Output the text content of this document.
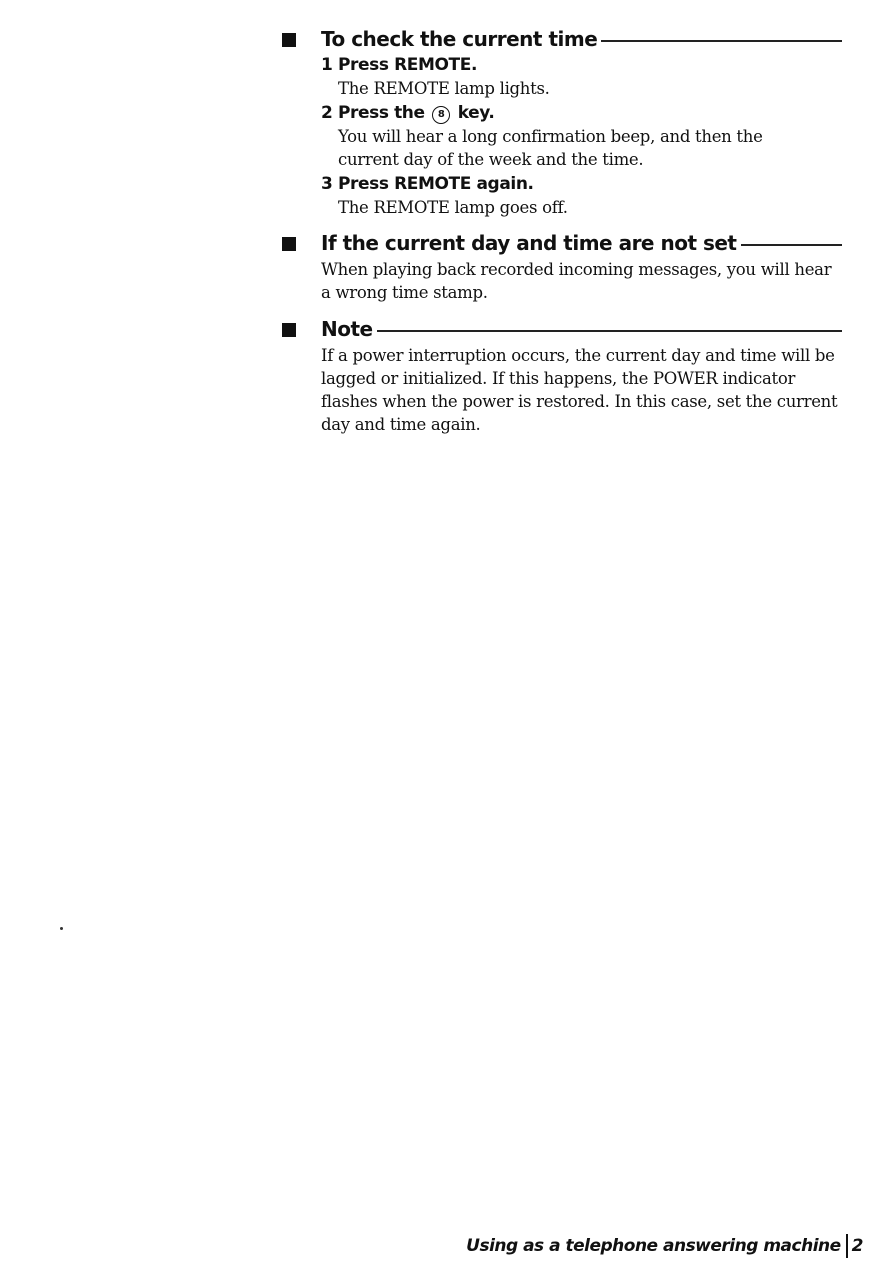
To check the current time
1 Press REMOTE.
The REMOTE lamp lights.
2 Press the 8 key.
You will hear a long confirmation beep, and then the current day of the week and the time.
3 Press REMOTE again.
The REMOTE lamp goes off.
If the current day and time are not set
When playing back recorded incoming messages, you will hear a wrong time stamp.
Note
If a power interruption occurs, the current day and time will be lagged or initialized. If this happens, the POWER indicator flashes when the power is restored. In this case, set the current day and time again.
Using as a telephone answering machine 2
